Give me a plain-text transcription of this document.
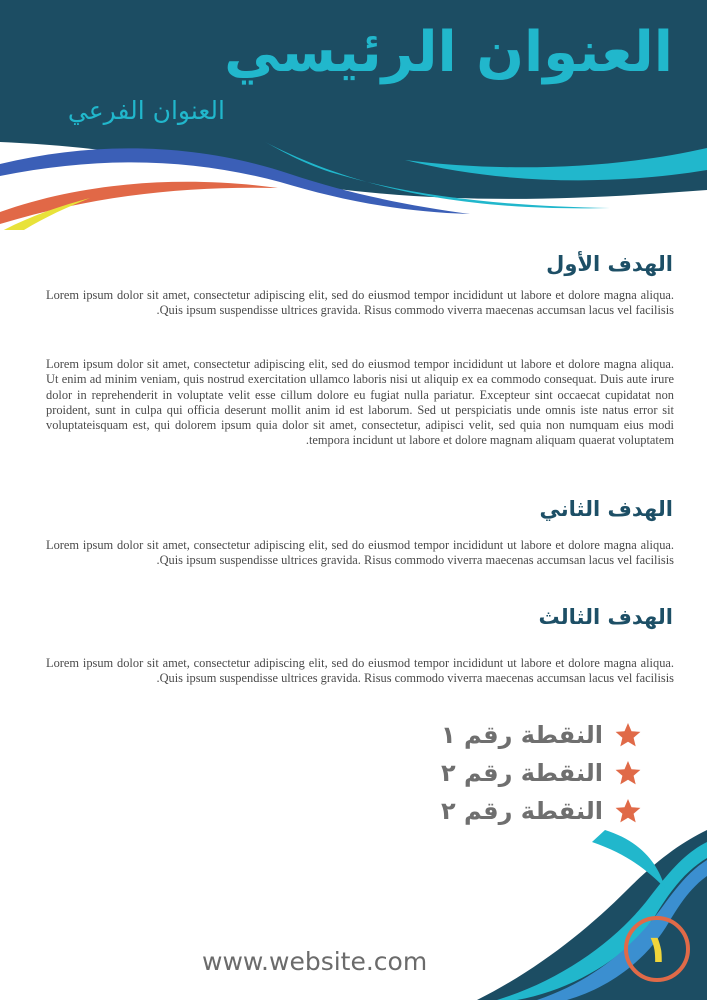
العنوان الرئيسي
العنوان الفرعي
الهدف الأول

Lorem ipsum dolor sit amet, consectetur adipiscing elit, sed do eiusmod tempor incididunt ut labore et dolore magna aliqua. Quis ipsum suspendisse ultrices gravida. Risus commodo viverra maecenas accumsan lacus vel facilisis.

Lorem ipsum dolor sit amet, consectetur adipiscing elit, sed do eiusmod tempor incididunt ut labore et dolore magna aliqua. Ut enim ad minim veniam, quis nostrud exercitation ullamco laboris nisi ut aliquip ex ea commodo consequat. Duis aute irure dolor in reprehenderit in voluptate velit esse cillum dolore eu fugiat nulla pariatur. Excepteur sint occaecat cupidatat non proident, sunt in culpa qui officia deserunt mollit anim id est laborum. Sed ut perspiciatis unde omnis iste natus error sit voluptateisquam est, qui dolorem ipsum quia dolor sit amet, consectetur, adipisci velit, sed quia non numquam eius modi tempora incidunt ut labore et dolore magnam aliquam quaerat voluptatem.

الهدف الثاني

Lorem ipsum dolor sit amet, consectetur adipiscing elit, sed do eiusmod tempor incididunt ut labore et dolore magna aliqua. Quis ipsum suspendisse ultrices gravida. Risus commodo viverra maecenas accumsan lacus vel facilisis.

الهدف الثالث

Lorem ipsum dolor sit amet, consectetur adipiscing elit, sed do eiusmod tempor incididunt ut labore et dolore magna aliqua. Quis ipsum suspendisse ultrices gravida. Risus commodo viverra maecenas accumsan lacus vel facilisis.

النقطة رقم ١
النقطة رقم ٢
النقطة رقم ٢
www.website.com	١
